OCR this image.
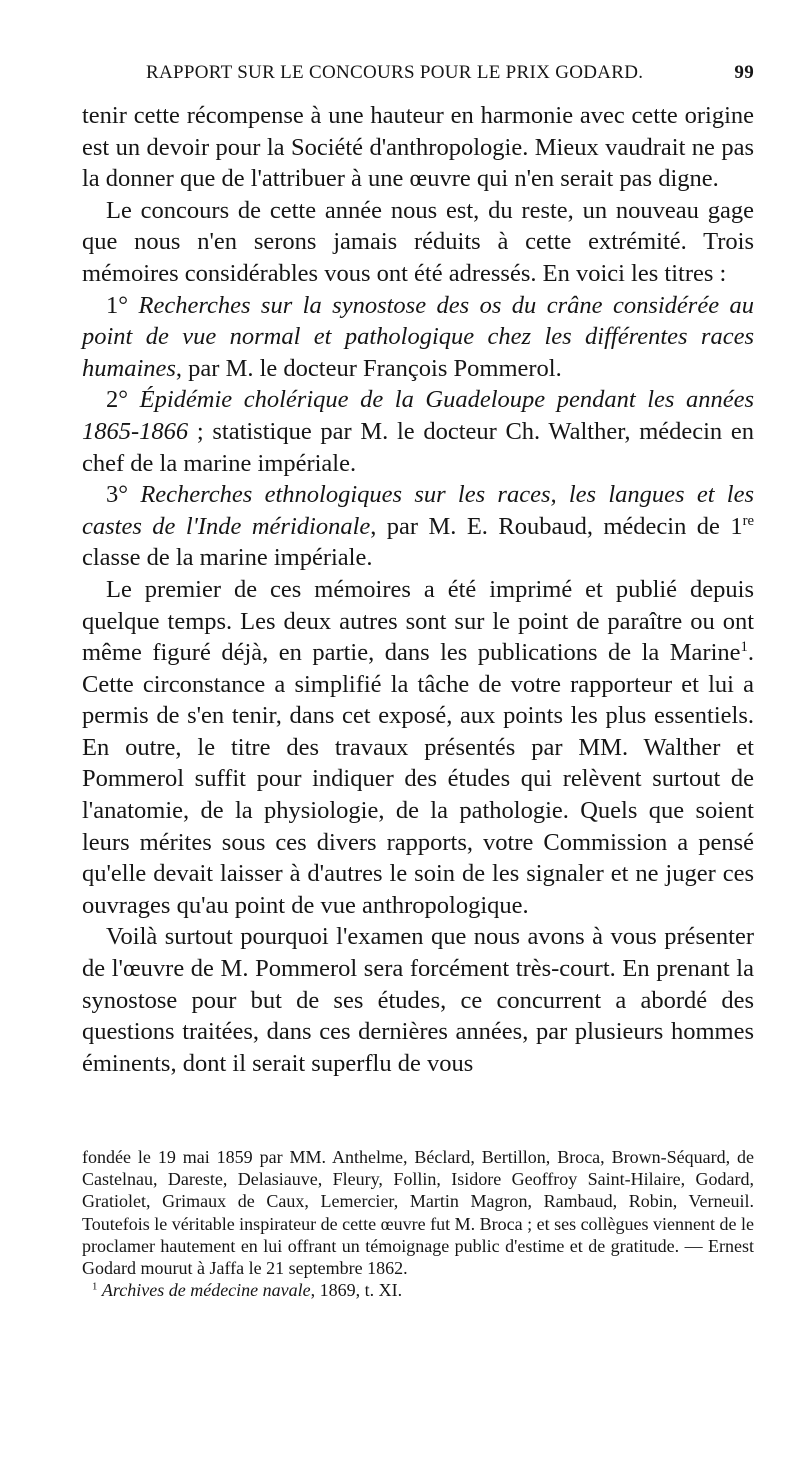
RAPPORT SUR LE CONCOURS POUR LE PRIX GODARD.	99

tenir cette récompense à une hauteur en harmonie avec cette origine est un devoir pour la Société d'anthropologie. Mieux vaudrait ne pas la donner que de l'attribuer à une œuvre qui n'en serait pas digne.

Le concours de cette année nous est, du reste, un nouveau gage que nous n'en serons jamais réduits à cette extrémité. Trois mémoires considérables vous ont été adressés. En voici les titres :

1° Recherches sur la synostose des os du crâne considérée au point de vue normal et pathologique chez les différentes races humaines, par M. le docteur François Pommerol.

2° Épidémie cholérique de la Guadeloupe pendant les années 1865-1866 ; statistique par M. le docteur Ch. Walther, médecin en chef de la marine impériale.

3° Recherches ethnologiques sur les races, les langues et les castes de l'Inde méridionale, par M. E. Roubaud, médecin de 1re classe de la marine impériale.

Le premier de ces mémoires a été imprimé et publié depuis quelque temps. Les deux autres sont sur le point de paraître ou ont même figuré déjà, en partie, dans les publications de la Marine$^1$. Cette circonstance a simplifié la tâche de votre rapporteur et lui a permis de s'en tenir, dans cet exposé, aux points les plus essentiels. En outre, le titre des travaux présentés par MM. Walther et Pommerol suffit pour indiquer des études qui relèvent surtout de l'anatomie, de la physiologie, de la pathologie. Quels que soient leurs mérites sous ces divers rapports, votre Commission a pensé qu'elle devait laisser à d'autres le soin de les signaler et ne juger ces ouvrages qu'au point de vue anthropologique.

Voilà surtout pourquoi l'examen que nous avons à vous présenter de l'œuvre de M. Pommerol sera forcément très-court. En prenant la synostose pour but de ses études, ce concurrent a abordé des questions traitées, dans ces dernières années, par plusieurs hommes éminents, dont il serait superflu de vous

fondée le 19 mai 1859 par MM. Anthelme, Béclard, Bertillon, Broca, Brown-Séquard, de Castelnau, Dareste, Delasiauve, Fleury, Follin, Isidore Geoffroy Saint-Hilaire, Godard, Gratiolet, Grimaux de Caux, Lemercier, Martin Magron, Rambaud, Robin, Verneuil. Toutefois le véritable inspirateur de cette œuvre fut M. Broca ; et ses collègues viennent de le proclamer hautement en lui offrant un témoignage public d'estime et de gratitude. — Ernest Godard mourut à Jaffa le 21 septembre 1862.

$^1$ Archives de médecine navale, 1869, t. XI.
